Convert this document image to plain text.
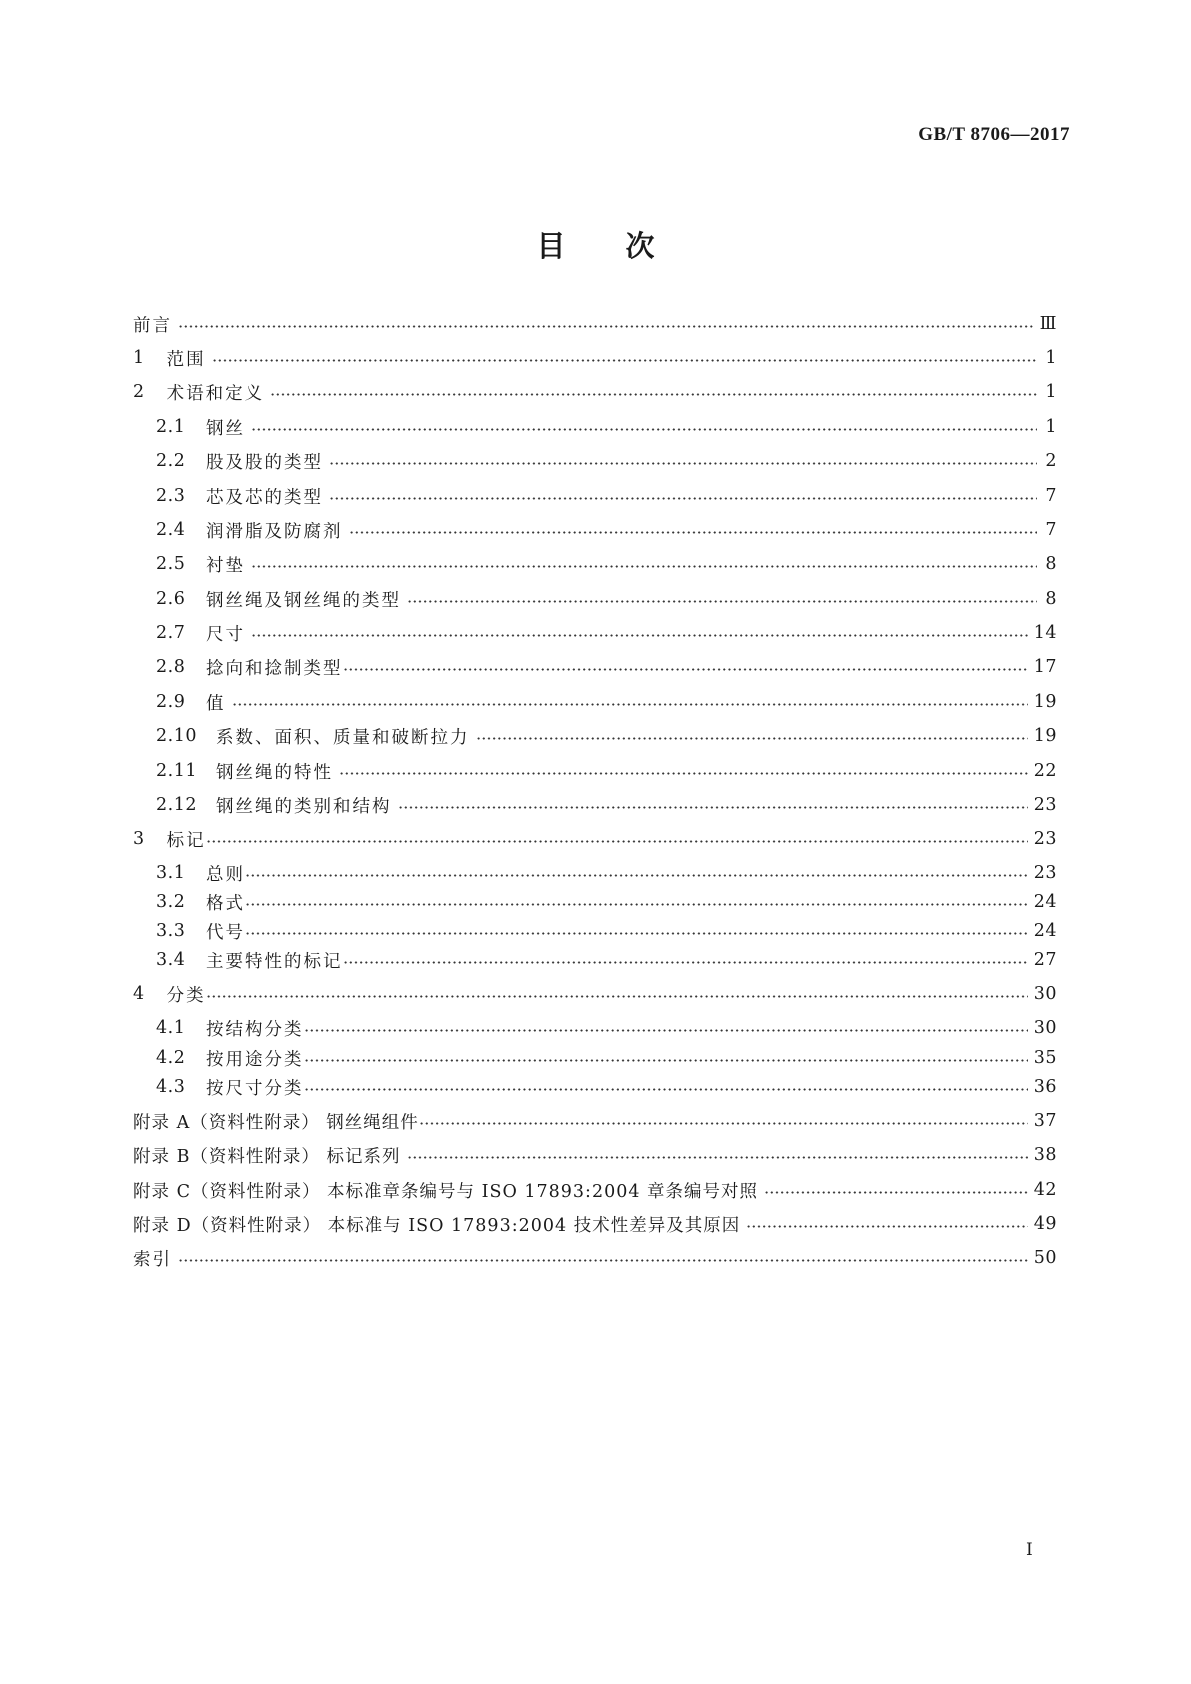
GB/T 8706—2017
目 次
前言	Ⅲ
1 范围	1
2 术语和定义	1
2.1	钢丝	1
2.2	股及股的类型	2
2.3	芯及芯的类型	7
2.4	润滑脂及防腐剂	7
2.5	衬垫	8
2.6	钢丝绳及钢丝绳的类型	8
2.7	尺寸	14
2.8	捻向和捻制类型	17
2.9	值	19
2.10 系数、面积、质量和破断拉力	19
2.11 钢丝绳的特性	22
2.12 钢丝绳的类别和结构	23
3 标记	23
3.1	总则	23
3.2	格式	24
3.3	代号	24
3.4	主要特性的标记	27
4 分类	30
4.1	按结构分类	30
4.2	按用途分类	35
4.3	按尺寸分类	36
附录 A（资料性附录） 钢丝绳组件	37
附录 B（资料性附录） 标记系列	38
附录 C（资料性附录） 本标准章条编号与 ISO 17893:2004 章条编号对照	42
附录 D（资料性附录） 本标准与 ISO 17893:2004 技术性差异及其原因	49
索引	50
I
